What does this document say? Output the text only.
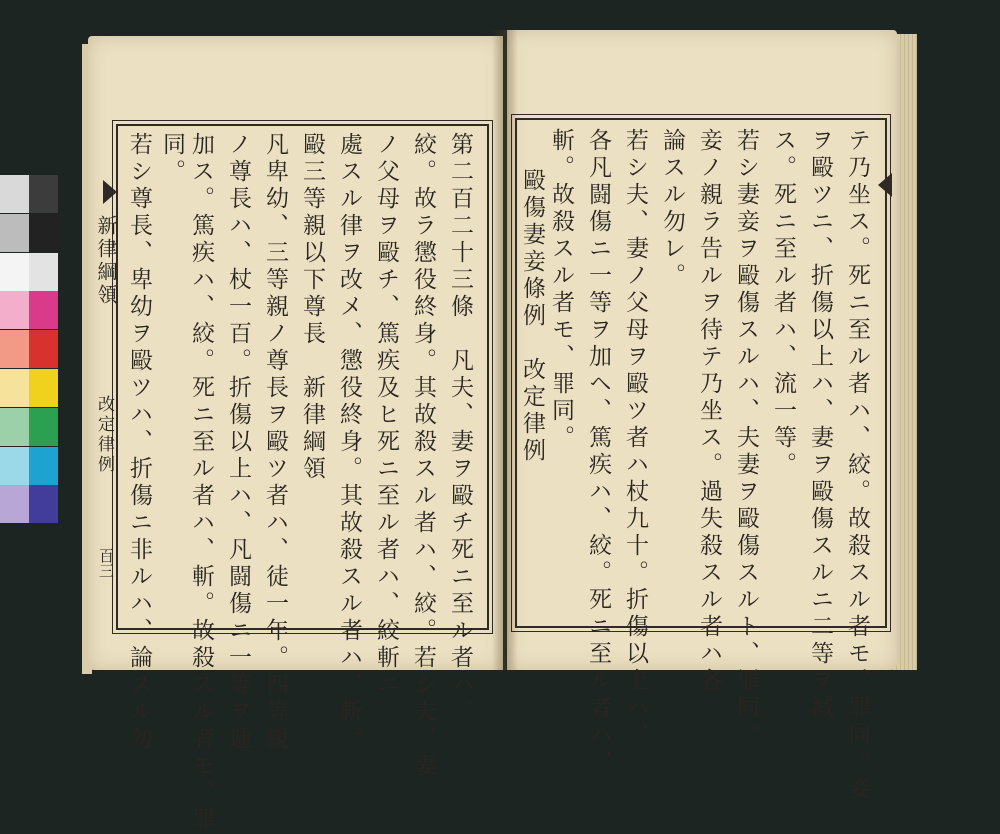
新律綱領
改定律例
百三	第二百二十三條　凡夫、妻ヲ毆チ死ニ至ル者ハ、
絞。故ラ懲役終身。其故殺スル者ハ、絞。若シ夫、妻
ノ父母ヲ毆チ、篤疾及ヒ死ニ至ル者ハ、絞斬ニ
處スル律ヲ改メ、懲役終身。其故殺スル者ハ、斬。
毆三等親以下尊長　新律綱領
凡卑幼、三等親ノ尊長ヲ毆ツ者ハ、徒一年。四等親
ノ尊長ハ、杖一百。折傷以上ハ、凡闘傷ニ一等ヲ逓
加ス。篤疾ハ、絞。死ニ至ル者ハ、斬。故殺スル者モ、罪
同。
若シ尊長、卑幼ヲ毆ツハ、折傷ニ非ルハ、論スル勿	テ乃坐ス。死ニ至ル者ハ、絞。故殺スル者モ、罪同。妾
ヲ毆ツニ、折傷以上ハ、妻ヲ毆傷スルニ二等ヲ減
ス。死ニ至ル者ハ、流一等。
若シ妻妾ヲ毆傷スルハ、夫妻ヲ毆傷スルト、罪同。
妾ノ親ラ告ルヲ待テ乃坐ス。過失殺スル者ハ各
論スル勿レ。
若シ夫、妻ノ父母ヲ毆ツ者ハ杖九十。折傷以上ハ、
各凡闘傷ニ一等ヲ加ヘ、篤疾ハ、絞。死ニ至ル者ハ、
斬。故殺スル者モ、罪同。
毆傷妻妾條例　改定律例
